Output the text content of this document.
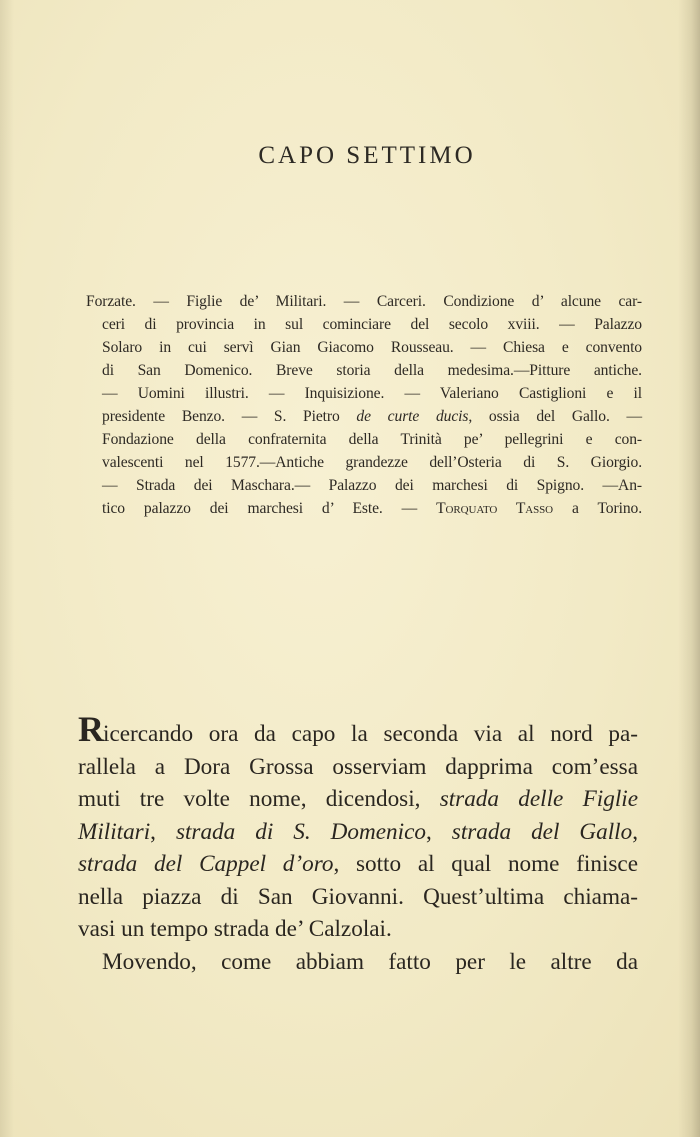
CAPO SETTIMO
Forzate. — Figlie de’ Militari. — Carceri. Condizione d’ alcune car-
ceri di provincia in sul cominciare del secolo xviii. — Palazzo
Solaro in cui servì Gian Giacomo Rousseau. — Chiesa e convento
di San Domenico. Breve storia della medesima.—Pitture antiche.
— Uomini illustri. — Inquisizione. — Valeriano Castiglioni e il
presidente Benzo. — S. Pietro de curte ducis, ossia del Gallo. —
Fondazione della confraternita della Trinità pe’ pellegrini e con-
valescenti nel 1577.—Antiche grandezze dell’Osteria di S. Giorgio.
— Strada dei Maschara.— Palazzo dei marchesi di Spigno. —An-
tico palazzo dei marchesi d’ Este. — Torquato Tasso a Torino.
Ricercando ora da capo la seconda via al nord pa-
rallela a Dora Grossa osserviam dapprima com’essa
muti tre volte nome, dicendosi, strada delle Figlie
Militari, strada di S. Domenico, strada del Gallo,
strada del Cappel d’oro, sotto al qual nome finisce
nella piazza di San Giovanni. Quest’ultima chiama-
vasi un tempo strada de’ Calzolai.
Movendo, come abbiam fatto per le altre da
